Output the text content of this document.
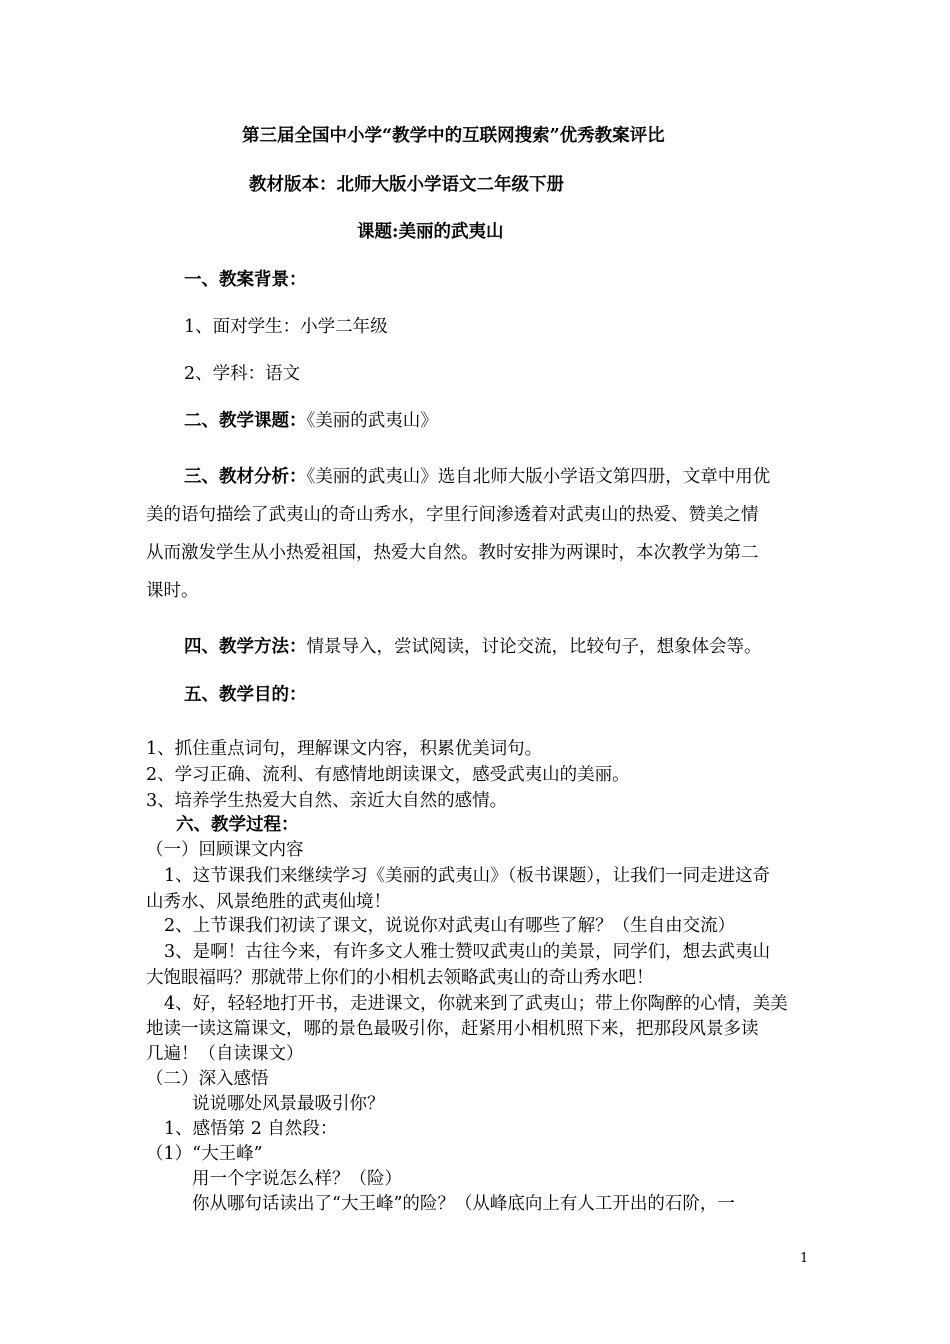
第三届全国中小学“教学中的互联网搜索”优秀教案评比
教材版本：北师大版小学语文二年级下册
课题:美丽的武夷山
一、教案背景：
1、面对学生：小学二年级
2、学科：语文
二、教学课题：《美丽的武夷山》
三、教材分析：《美丽的武夷山》选自北师大版小学语文第四册，文章中用优
美的语句描绘了武夷山的奇山秀水，字里行间渗透着对武夷山的热爱、赞美之情
从而激发学生从小热爱祖国，热爱大自然。教时安排为两课时，本次教学为第二
课时。
四、教学方法：情景导入，尝试阅读，讨论交流，比较句子，想象体会等。
五、教学目的：
1、抓住重点词句，理解课文内容，积累优美词句。
2、学习正确、流利、有感情地朗读课文，感受武夷山的美丽。
3、培养学生热爱大自然、亲近大自然的感情。
六、教学过程：
（一）回顾课文内容
1、这节课我们来继续学习《美丽的武夷山》（板书课题），让我们一同走进这奇
山秀水、风景绝胜的武夷仙境！
2、上节课我们初读了课文，说说你对武夷山有哪些了解？（生自由交流）
3、是啊！古往今来，有许多文人雅士赞叹武夷山的美景，同学们，想去武夷山
大饱眼福吗？那就带上你们的小相机去领略武夷山的奇山秀水吧！
4、好，轻轻地打开书，走进课文，你就来到了武夷山；带上你陶醉的心情，美美
地读一读这篇课文，哪的景色最吸引你，赶紧用小相机照下来，把那段风景多读
几遍！（自读课文）
（二）深入感悟
说说哪处风景最吸引你？
1、感悟第 2 自然段：
（1）“大王峰”
用一个字说怎么样？（险）
你从哪句话读出了“大王峰”的险？（从峰底向上有人工开出的石阶，一
1
